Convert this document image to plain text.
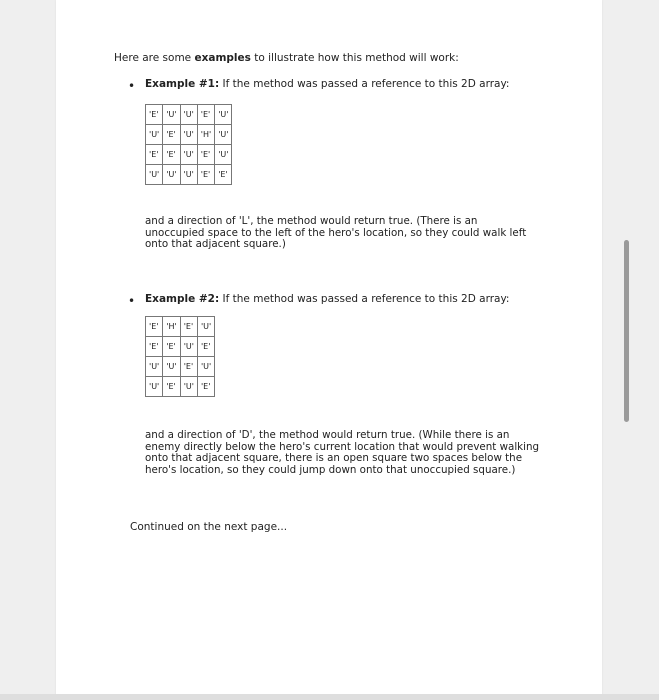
Here are some examples to illustrate how this method will work:
• Example #1: If the method was passed a reference to this 2D array:
'E'	'U'	'U'	'E'	'U'
'U'	'E'	'U'	'H'	'U'
'E'	'E'	'U'	'E'	'U'
'U'	'U'	'U'	'E'	'E'
and a direction of 'L', the method would return true. (There is an
unoccupied space to the left of the hero's location, so they could walk left
onto that adjacent square.)
• Example #2: If the method was passed a reference to this 2D array:
'E'	'H'	'E'	'U'
'E'	'E'	'U'	'E'
'U'	'U'	'E'	'U'
'U'	'E'	'U'	'E'
and a direction of 'D', the method would return true. (While there is an
enemy directly below the hero's current location that would prevent walking
onto that adjacent square, there is an open square two spaces below the
hero's location, so they could jump down onto that unoccupied square.)
Continued on the next page...
